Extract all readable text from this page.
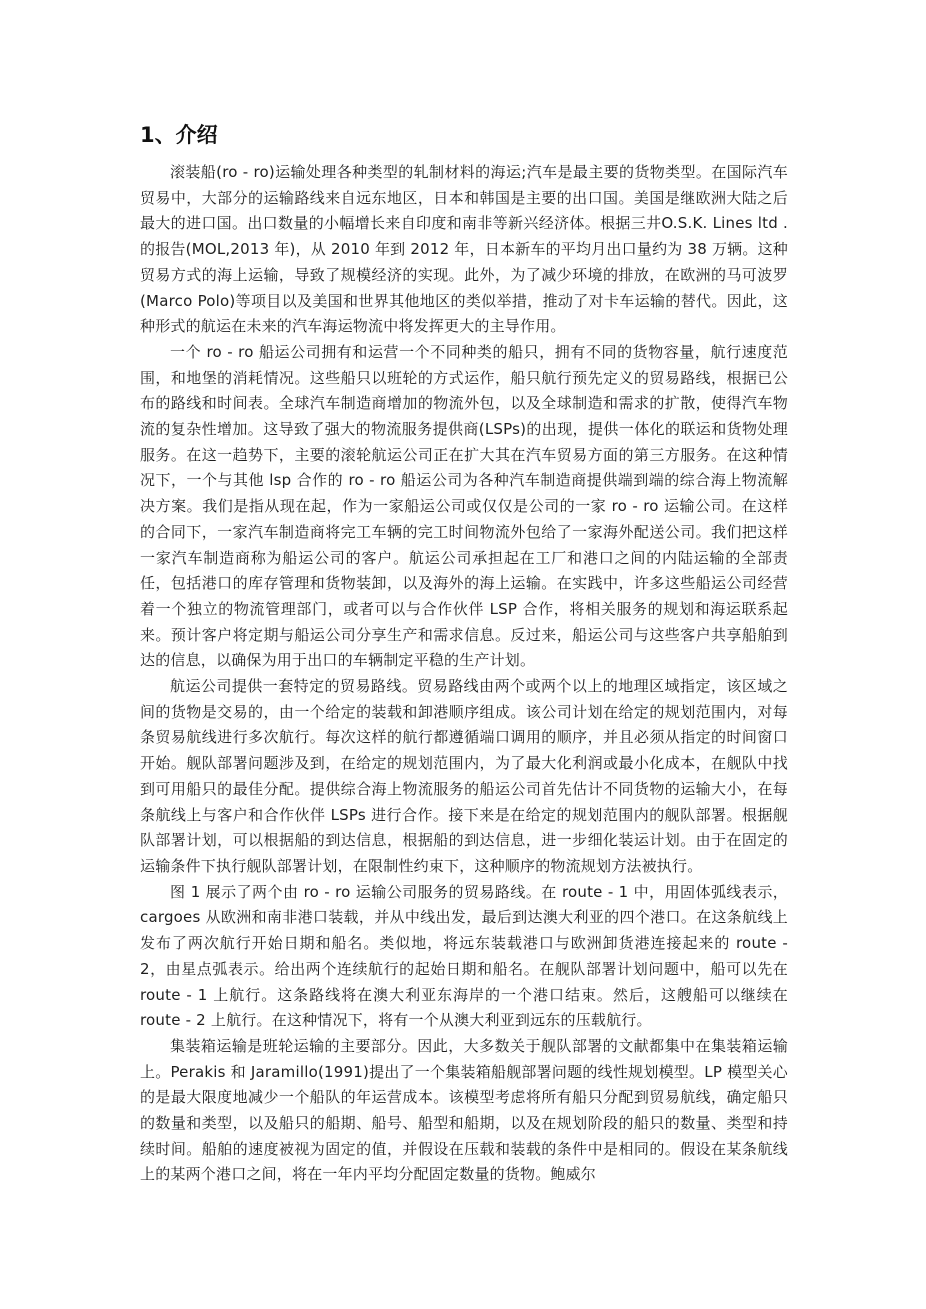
1、介绍

滚装船(ro - ro)运输处理各种类型的轧制材料的海运;汽车是最主要的货物类型。在国际汽车贸易中，大部分的运输路线来自远东地区，日本和韩国是主要的出口国。美国是继欧洲大陆之后最大的进口国。出口数量的小幅增长来自印度和南非等新兴经济体。根据三井O.S.K. Lines ltd .的报告(MOL,2013 年)，从 2010 年到 2012 年，日本新车的平均月出口量约为 38 万辆。这种贸易方式的海上运输，导致了规模经济的实现。此外，为了减少环境的排放，在欧洲的马可波罗(Marco Polo)等项目以及美国和世界其他地区的类似举措，推动了对卡车运输的替代。因此，这种形式的航运在未来的汽车海运物流中将发挥更大的主导作用。

一个 ro - ro 船运公司拥有和运营一个不同种类的船只，拥有不同的货物容量，航行速度范围，和地堡的消耗情况。这些船只以班轮的方式运作，船只航行预先定义的贸易路线，根据已公布的路线和时间表。全球汽车制造商增加的物流外包，以及全球制造和需求的扩散，使得汽车物流的复杂性增加。这导致了强大的物流服务提供商(LSPs)的出现，提供一体化的联运和货物处理服务。在这一趋势下，主要的滚轮航运公司正在扩大其在汽车贸易方面的第三方服务。在这种情况下，一个与其他 lsp 合作的 ro - ro 船运公司为各种汽车制造商提供端到端的综合海上物流解决方案。我们是指从现在起，作为一家船运公司或仅仅是公司的一家 ro - ro 运输公司。在这样的合同下，一家汽车制造商将完工车辆的完工时间物流外包给了一家海外配送公司。我们把这样一家汽车制造商称为船运公司的客户。航运公司承担起在工厂和港口之间的内陆运输的全部责任，包括港口的库存管理和货物装卸，以及海外的海上运输。在实践中，许多这些船运公司经营着一个独立的物流管理部门，或者可以与合作伙伴 LSP 合作，将相关服务的规划和海运联系起来。预计客户将定期与船运公司分享生产和需求信息。反过来，船运公司与这些客户共享船舶到达的信息，以确保为用于出口的车辆制定平稳的生产计划。

航运公司提供一套特定的贸易路线。贸易路线由两个或两个以上的地理区域指定，该区域之间的货物是交易的，由一个给定的装载和卸港顺序组成。该公司计划在给定的规划范围内，对每条贸易航线进行多次航行。每次这样的航行都遵循端口调用的顺序，并且必须从指定的时间窗口开始。舰队部署问题涉及到，在给定的规划范围内，为了最大化利润或最小化成本，在舰队中找到可用船只的最佳分配。提供综合海上物流服务的船运公司首先估计不同货物的运输大小，在每条航线上与客户和合作伙伴 LSPs 进行合作。接下来是在给定的规划范围内的舰队部署。根据舰队部署计划，可以根据船的到达信息，根据船的到达信息，进一步细化装运计划。由于在固定的运输条件下执行舰队部署计划，在限制性约束下，这种顺序的物流规划方法被执行。

图 1 展示了两个由 ro - ro 运输公司服务的贸易路线。在 route - 1 中，用固体弧线表示，cargoes 从欧洲和南非港口装载，并从中线出发，最后到达澳大利亚的四个港口。在这条航线上发布了两次航行开始日期和船名。类似地，将远东装载港口与欧洲卸货港连接起来的 route - 2，由星点弧表示。给出两个连续航行的起始日期和船名。在舰队部署计划问题中，船可以先在 route - 1 上航行。这条路线将在澳大利亚东海岸的一个港口结束。然后，这艘船可以继续在 route - 2 上航行。在这种情况下，将有一个从澳大利亚到远东的压载航行。

集装箱运输是班轮运输的主要部分。因此，大多数关于舰队部署的文献都集中在集装箱运输上。Perakis 和 Jaramillo(1991)提出了一个集装箱船舰部署问题的线性规划模型。LP 模型关心的是最大限度地减少一个船队的年运营成本。该模型考虑将所有船只分配到贸易航线，确定船只的数量和类型，以及船只的船期、船号、船型和船期，以及在规划阶段的船只的数量、类型和持续时间。船舶的速度被视为固定的值，并假设在压载和装载的条件中是相同的。假设在某条航线上的某两个港口之间，将在一年内平均分配固定数量的货物。鲍威尔
